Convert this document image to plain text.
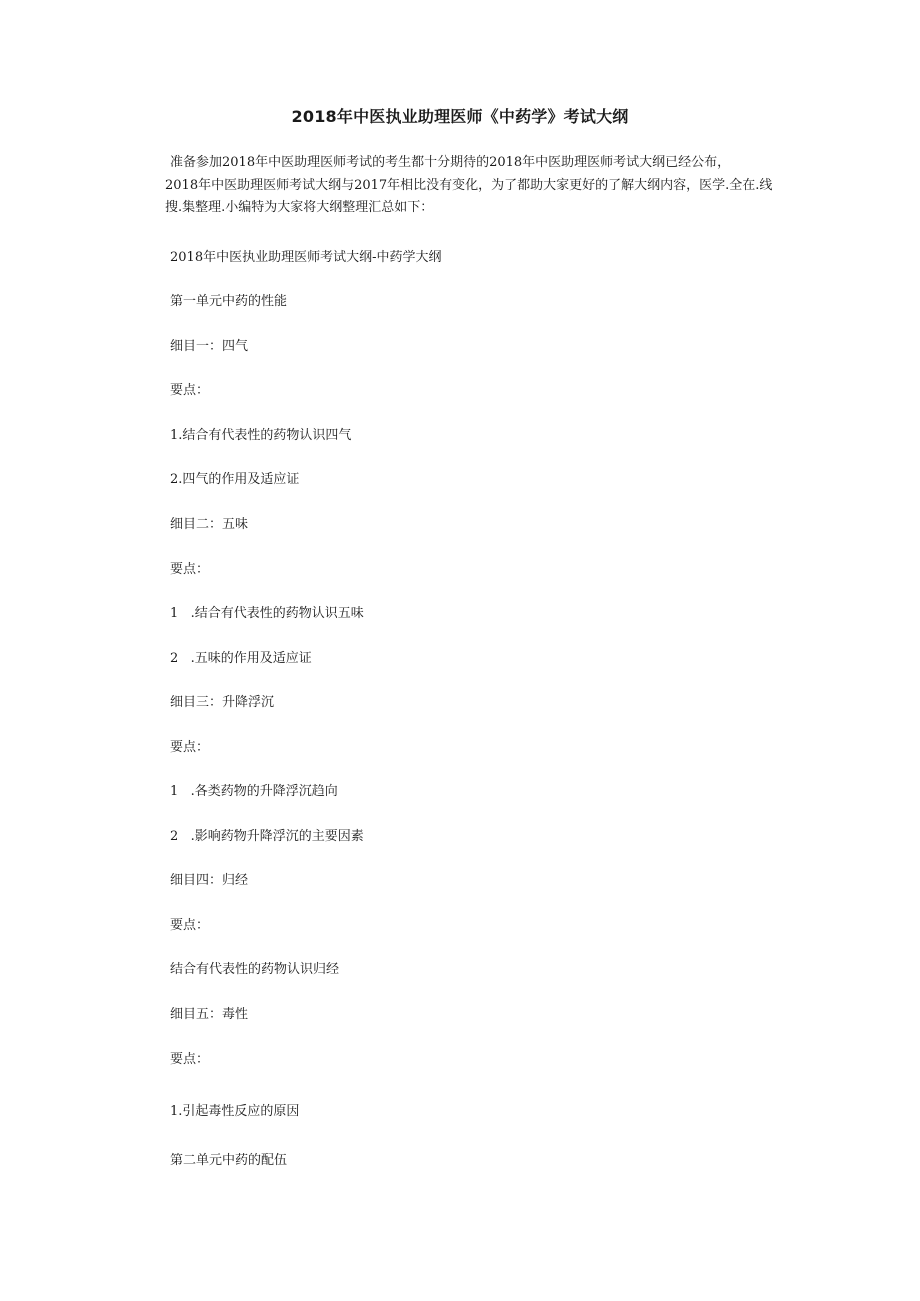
2018年中医执业助理医师《中药学》考试大纲

准备参加2018年中医助理医师考试的考生都十分期待的2018年中医助理医师考试大纲已经公布，
2018年中医助理医师考试大纲与2017年相比没有变化，为了都助大家更好的了解大纲内容，医学.全在.线
搜.集整理.小编特为大家将大纲整理汇总如下：

2018年中医执业助理医师考试大纲-中药学大纲

第一单元中药的性能

细目一：四气

要点：

1.结合有代表性的药物认识四气

2.四气的作用及适应证

细目二：五味

要点：

1   .结合有代表性的药物认识五味

2   .五味的作用及适应证

细目三：升降浮沉

要点：

1   .各类药物的升降浮沉趋向

2   .影响药物升降浮沉的主要因素

细目四：归经

要点：

结合有代表性的药物认识归经

细目五：毒性

要点：

1.引起毒性反应的原因

第二单元中药的配伍
